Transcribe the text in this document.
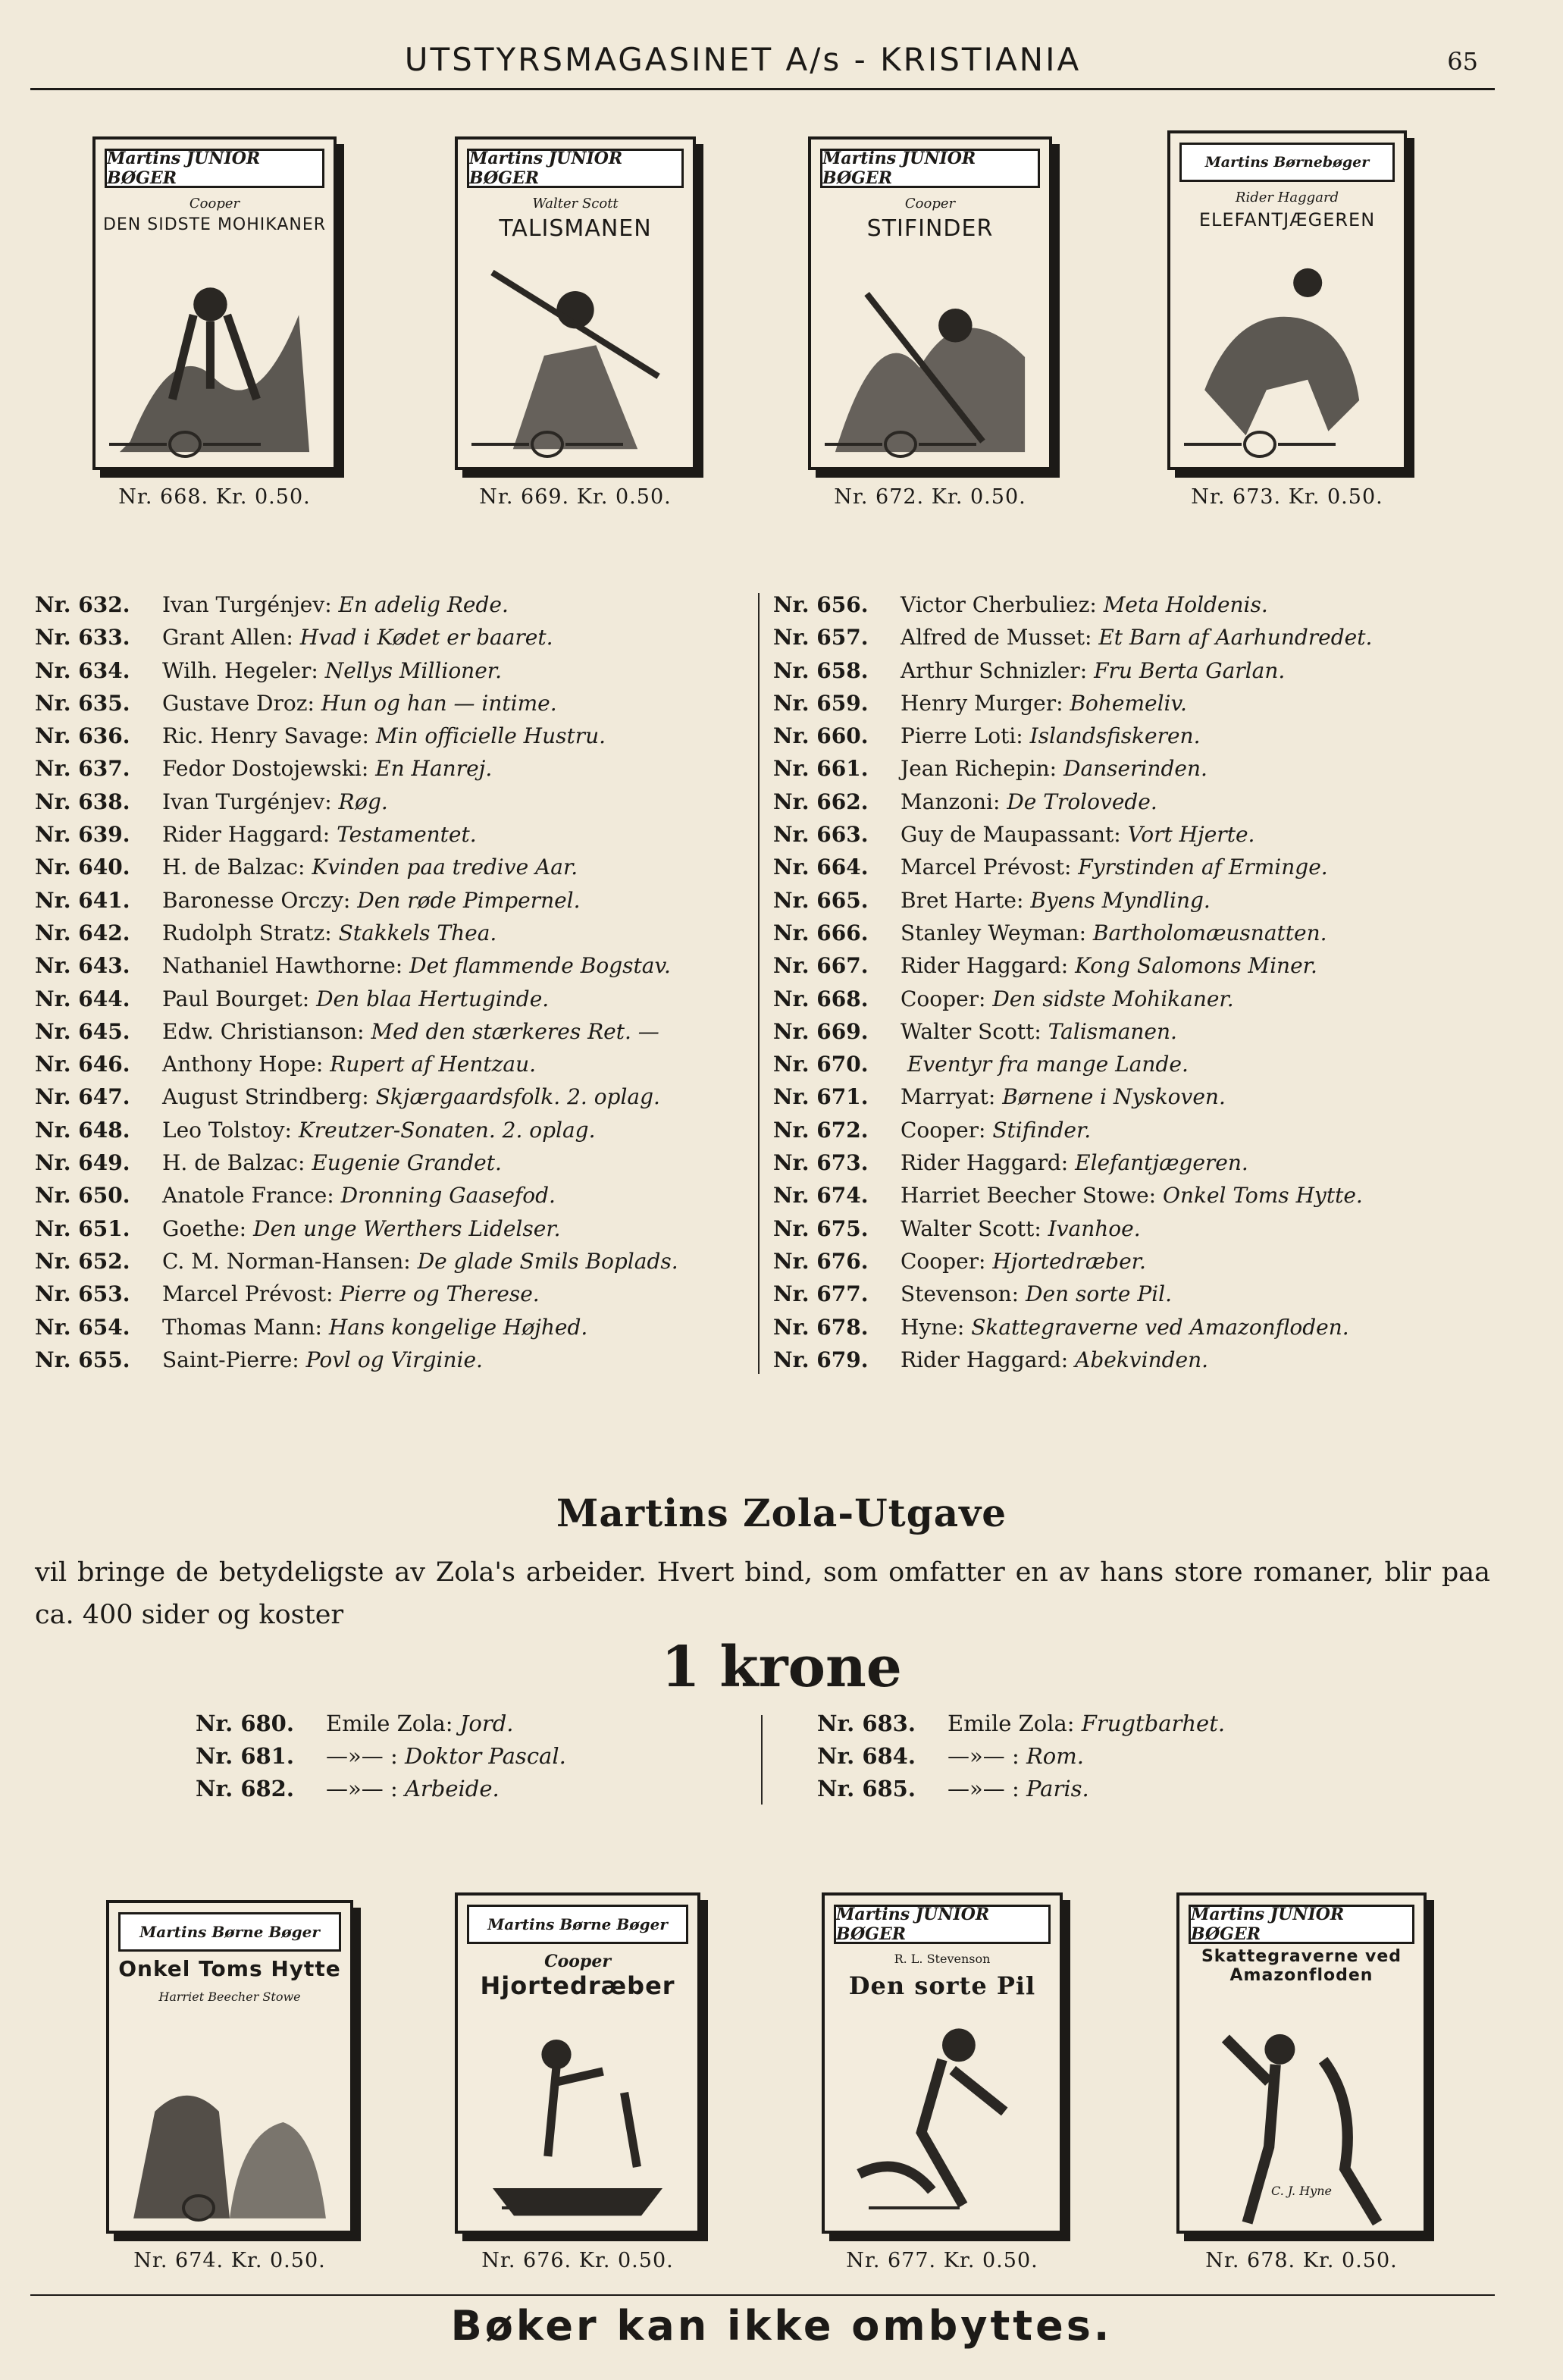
UTSTYRSMAGASINET A/s - KRISTIANIA	65
Martins JUNIOR BØGER
Cooper
DEN SIDSTE MOHIKANER
Nr. 668. Kr. 0.50.
Martins JUNIOR BØGER
Walter Scott
TALISMANEN
Nr. 669. Kr. 0.50.
Martins JUNIOR BØGER
Cooper
STIFINDER
Nr. 672. Kr. 0.50.
Martins Børnebøger
Rider Haggard
ELEFANTJÆGEREN
Nr. 673. Kr. 0.50.
Nr. 632. Ivan Turgénjev: En adelig Rede.
Nr. 633. Grant Allen: Hvad i Kødet er baaret.
Nr. 634. Wilh. Hegeler: Nellys Millioner.
Nr. 635. Gustave Droz: Hun og han — intime.
Nr. 636. Ric. Henry Savage: Min officielle Hustru.
Nr. 637. Fedor Dostojewski: En Hanrej.
Nr. 638. Ivan Turgénjev: Røg.
Nr. 639. Rider Haggard: Testamentet.
Nr. 640. H. de Balzac: Kvinden paa tredive Aar.
Nr. 641. Baronesse Orczy: Den røde Pimpernel.
Nr. 642. Rudolph Stratz: Stakkels Thea.
Nr. 643. Nathaniel Hawthorne: Det flammende Bogstav.
Nr. 644. Paul Bourget: Den blaa Hertuginde.
Nr. 645. Edw. Christianson: Med den stærkeres Ret. —
Nr. 646. Anthony Hope: Rupert af Hentzau.
Nr. 647. August Strindberg: Skjærgaardsfolk. 2. oplag.
Nr. 648. Leo Tolstoy: Kreutzer-Sonaten. 2. oplag.
Nr. 649. H. de Balzac: Eugenie Grandet.
Nr. 650. Anatole France: Dronning Gaasefod.
Nr. 651. Goethe: Den unge Werthers Lidelser.
Nr. 652. C. M. Norman-Hansen: De glade Smils Boplads.
Nr. 653. Marcel Prévost: Pierre og Therese.
Nr. 654. Thomas Mann: Hans kongelige Højhed.
Nr. 655. Saint-Pierre: Povl og Virginie.
Nr. 656. Victor Cherbuliez: Meta Holdenis.
Nr. 657. Alfred de Musset: Et Barn af Aarhundredet.
Nr. 658. Arthur Schnizler: Fru Berta Garlan.
Nr. 659. Henry Murger: Bohemeliv.
Nr. 660. Pierre Loti: Islandsfiskeren.
Nr. 661. Jean Richepin: Danserinden.
Nr. 662. Manzoni: De Trolovede.
Nr. 663. Guy de Maupassant: Vort Hjerte.
Nr. 664. Marcel Prévost: Fyrstinden af Erminge.
Nr. 665. Bret Harte: Byens Myndling.
Nr. 666. Stanley Weyman: Bartholomæusnatten.
Nr. 667. Rider Haggard: Kong Salomons Miner.
Nr. 668. Cooper: Den sidste Mohikaner.
Nr. 669. Walter Scott: Talismanen.
Nr. 670. Eventyr fra mange Lande.
Nr. 671. Marryat: Børnene i Nyskoven.
Nr. 672. Cooper: Stifinder.
Nr. 673. Rider Haggard: Elefantjægeren.
Nr. 674. Harriet Beecher Stowe: Onkel Toms Hytte.
Nr. 675. Walter Scott: Ivanhoe.
Nr. 676. Cooper: Hjortedræber.
Nr. 677. Stevenson: Den sorte Pil.
Nr. 678. Hyne: Skattegraverne ved Amazonfloden.
Nr. 679. Rider Haggard: Abekvinden.
Martins Zola-Utgave
vil bringe de betydeligste av Zola's arbeider. Hvert bind, som omfatter en av hans store romaner, blir paa ca. 400 sider og koster
1 krone
Nr. 680. Emile Zola: Jord.
Nr. 681. —»— : Doktor Pascal.
Nr. 682. —»— : Arbeide.
Nr. 683. Emile Zola: Frugtbarhet.
Nr. 684. —»— : Rom.
Nr. 685. —»— : Paris.
Martins Børne Bøger
Onkel Toms Hytte
Harriet Beecher Stowe
Nr. 674. Kr. 0.50.
Martins Børne Bøger
Cooper
Hjortedræber
Nr. 676. Kr. 0.50.
Martins JUNIOR BØGER
R. L. Stevenson
Den sorte Pil
Nr. 677. Kr. 0.50.
Martins JUNIOR BØGER
Skattegraverne ved Amazonfloden
C. J. Hyne
Nr. 678. Kr. 0.50.
Bøker kan ikke ombyttes.
